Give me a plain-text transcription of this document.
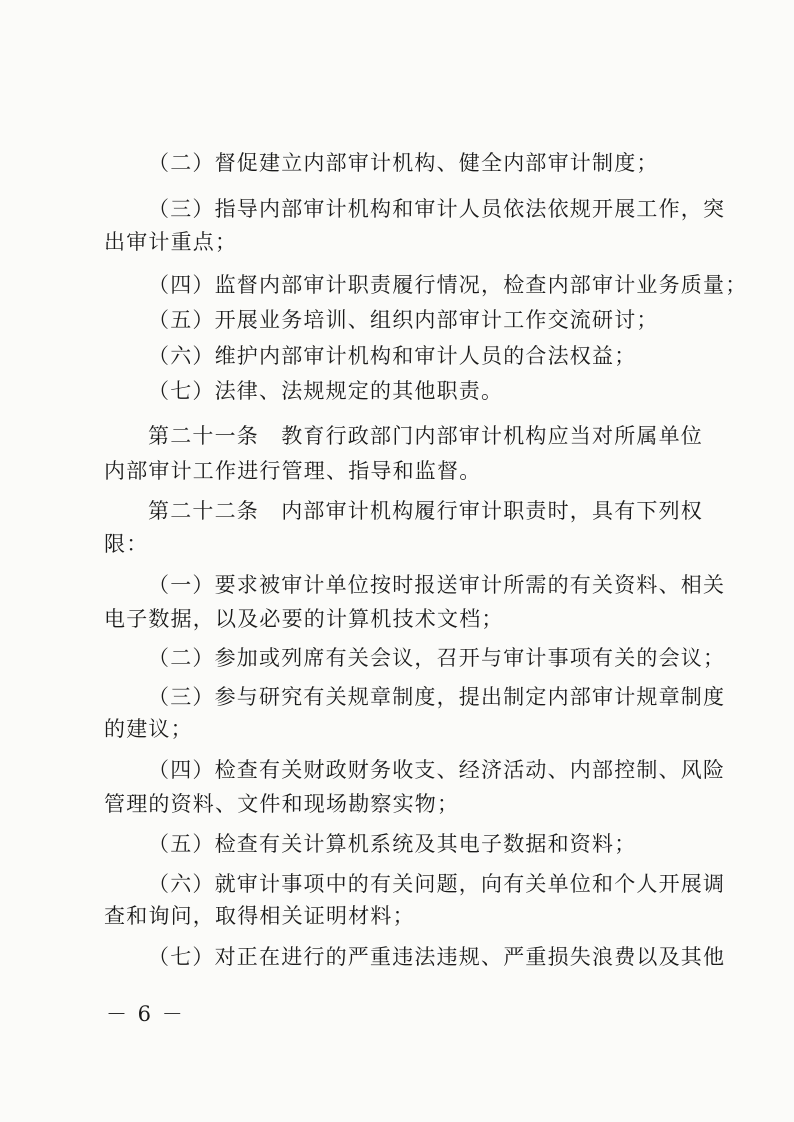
（二）督促建立内部审计机构、健全内部审计制度；
（三）指导内部审计机构和审计人员依法依规开展工作，突
出审计重点；
（四）监督内部审计职责履行情况，检查内部审计业务质量；
（五）开展业务培训、组织内部审计工作交流研讨；
（六）维护内部审计机构和审计人员的合法权益；
（七）法律、法规规定的其他职责。
第二十一条　教育行政部门内部审计机构应当对所属单位
内部审计工作进行管理、指导和监督。
第二十二条　内部审计机构履行审计职责时，具有下列权
限：
（一）要求被审计单位按时报送审计所需的有关资料、相关
电子数据，以及必要的计算机技术文档；
（二）参加或列席有关会议，召开与审计事项有关的会议；
（三）参与研究有关规章制度，提出制定内部审计规章制度
的建议；
（四）检查有关财政财务收支、经济活动、内部控制、风险
管理的资料、文件和现场勘察实物；
（五）检查有关计算机系统及其电子数据和资料；
（六）就审计事项中的有关问题，向有关单位和个人开展调
查和询问，取得相关证明材料；
（七）对正在进行的严重违法违规、严重损失浪费以及其他
－ 6 －
